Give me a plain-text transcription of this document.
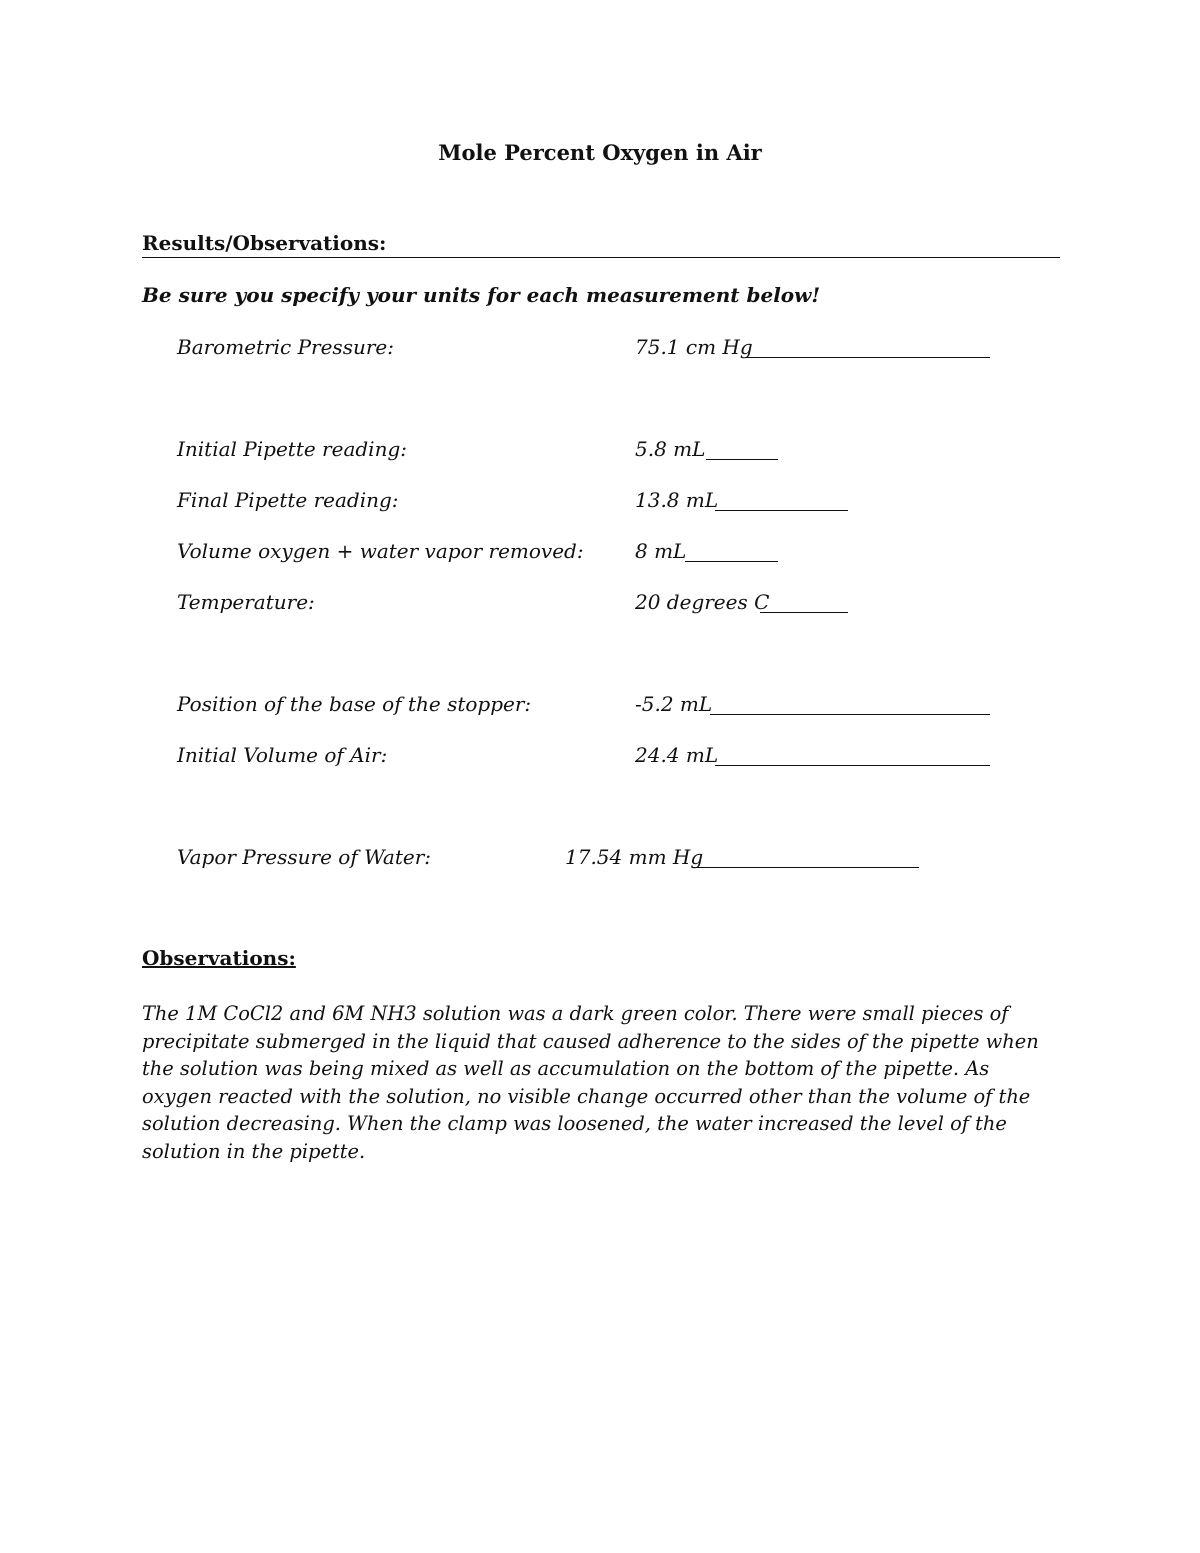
Mole Percent Oxygen in Air
Results/Observations:
Be sure you specify your units for each measurement below!
Barometric Pressure:	75.1 cm Hg
Initial Pipette reading:	5.8 mL
Final Pipette reading:	13.8 mL
Volume oxygen + water vapor removed:	8 mL
Temperature:	20 degrees C
Position of the base of the stopper:	-5.2 mL
Initial Volume of Air:	24.4 mL
Vapor Pressure of Water:	17.54 mm Hg
Observations:
The 1M CoCl2 and 6M NH3 solution was a dark green color. There were small pieces of precipitate submerged in the liquid that caused adherence to the sides of the pipette when the solution was being mixed as well as accumulation on the bottom of the pipette. As oxygen reacted with the solution, no visible change occurred other than the volume of the solution decreasing. When the clamp was loosened, the water increased the level of the solution in the pipette.
